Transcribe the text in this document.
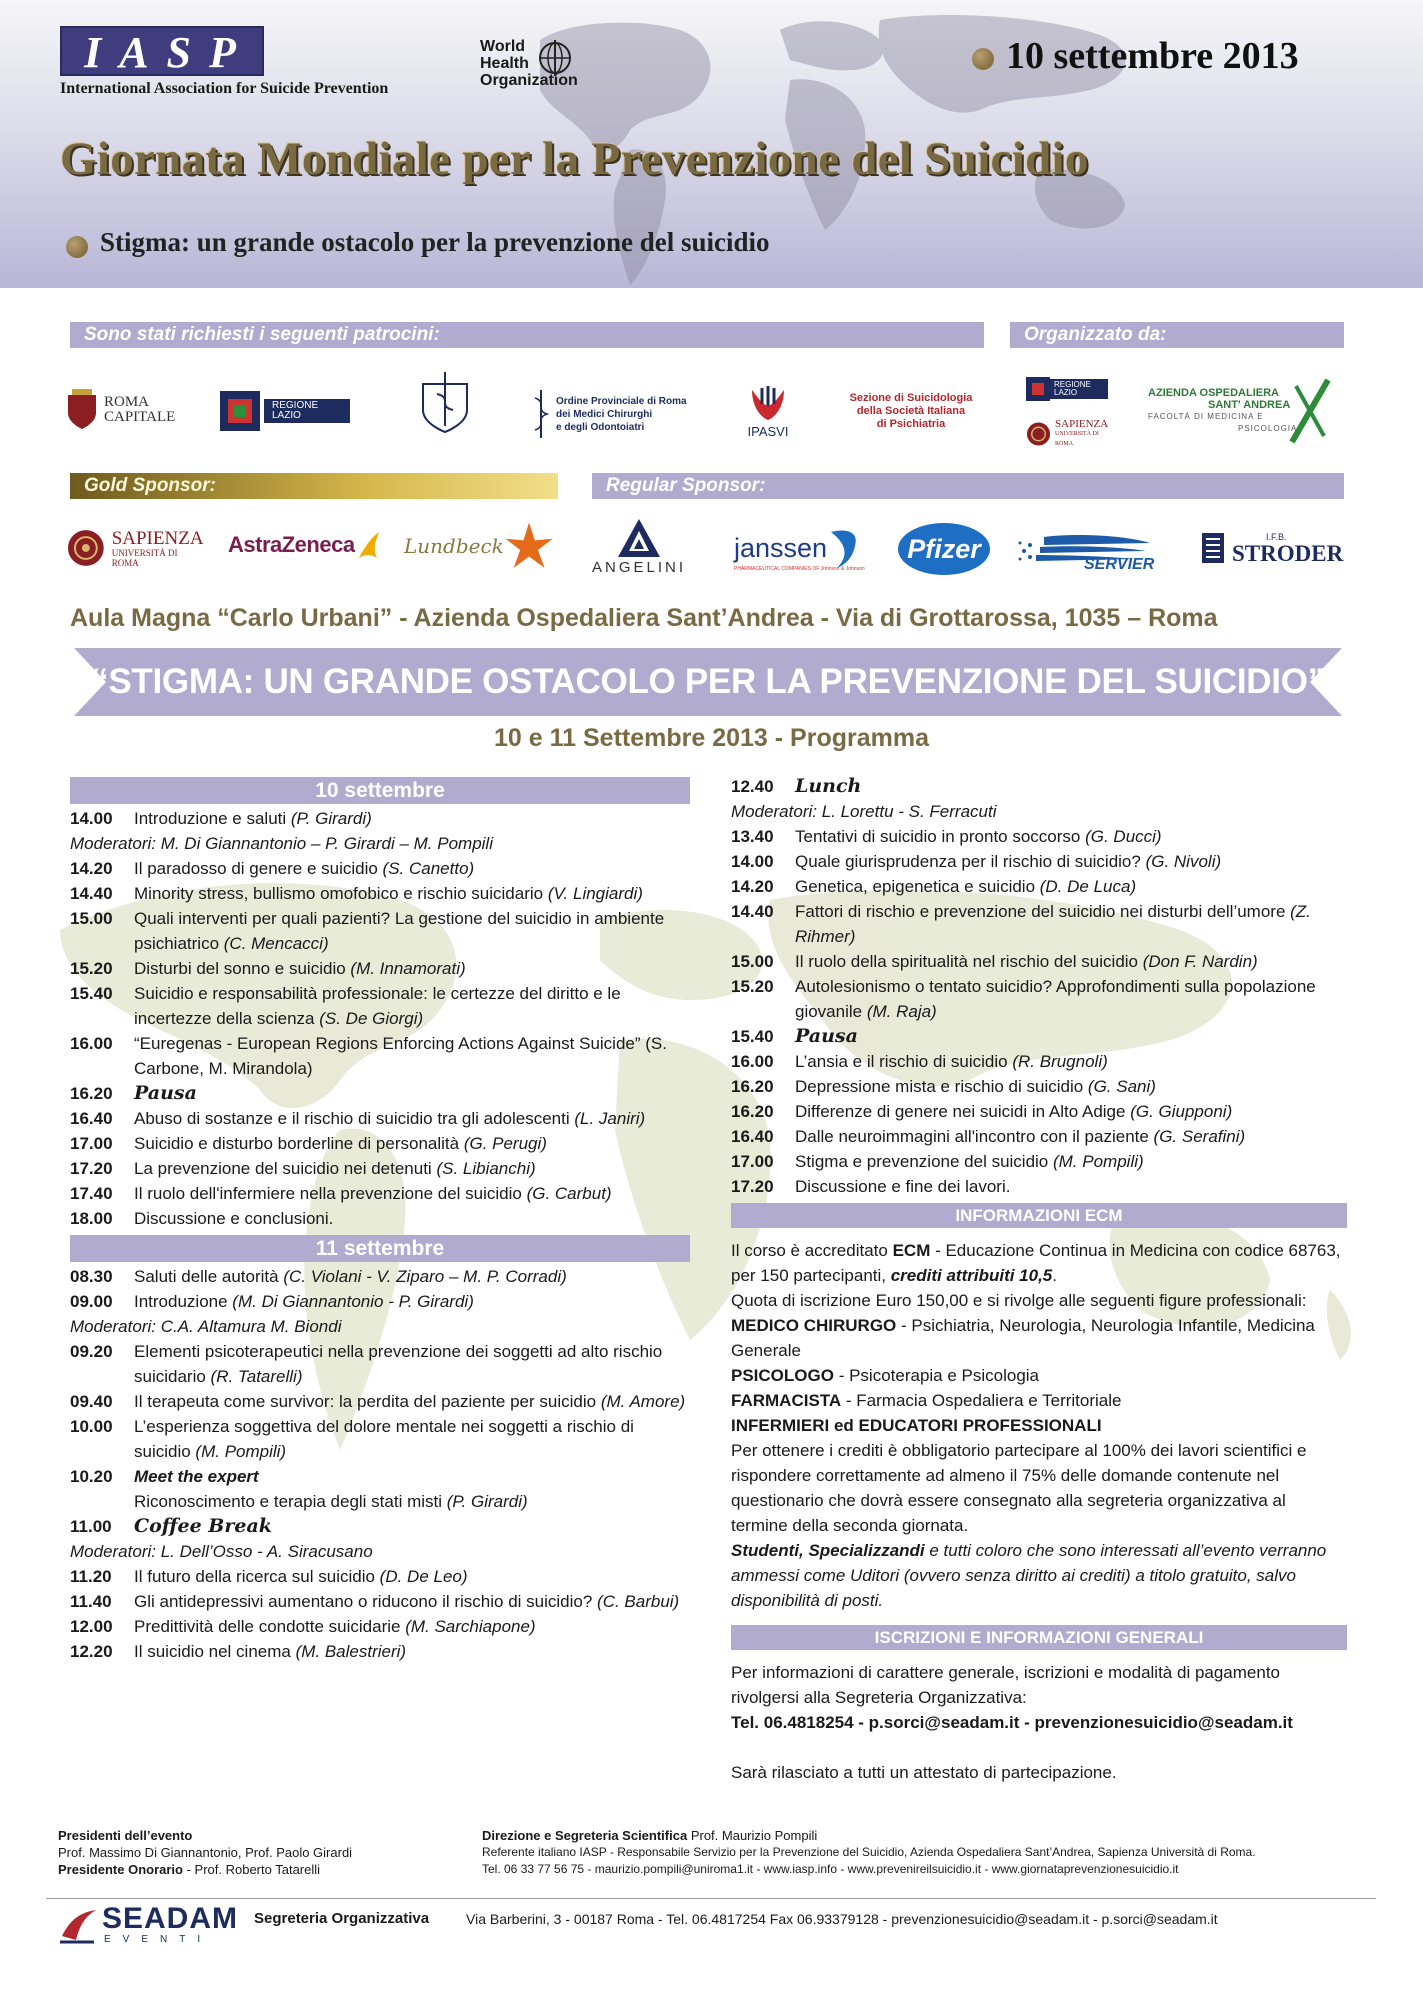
IASP
International Association for Suicide Prevention
World
Health
Organization
10 settembre 2013
Giornata Mondiale per la Prevenzione del Suicidio
Stigma: un grande ostacolo per la prevenzione del suicidio
Sono stati richiesti i seguenti patrocini:	Organizzato da:
ROMA
CAPITALE
REGIONE
LAZIO
Ordine Provinciale di Roma
dei Medici Chirurghi
e degli Odontoiatri	IPASVI
Sezione di Suicidologia
della Società Italiana
di Psichiatria
REGIONE
LAZIO
SAPIENZA
UNIVERSITÀ DI ROMA
AZIENDA OSPEDALIERA
SANT' ANDREA
FACOLTÀ DI MEDICINA E
PSICOLOGIA
Gold Sponsor:	Regular Sponsor:
SAPIENZA
UNIVERSITÀ DI ROMA
AstraZeneca Lundbeck
ANGELINI
janssen
PHARMACEUTICAL COMPANIES OF Johnson & Johnson
Pfizer
SERVIER
I.F.B.
STRODER
Aula Magna “Carlo Urbani” - Azienda Ospedaliera Sant’Andrea - Via di Grottarossa, 1035 – Roma
“STIGMA: UN GRANDE OSTACOLO PER LA PREVENZIONE DEL SUICIDIO”
10 e 11 Settembre 2013 - Programma
10 settembre
14.00	Introduzione e saluti (P. Girardi)
Moderatori: M. Di Giannantonio – P. Girardi – M. Pompili
14.20	Il paradosso di genere e suicidio (S. Canetto)
14.40	Minority stress, bullismo omofobico e rischio suicidario (V. Lingiardi)
15.00	Quali interventi per quali pazienti? La gestione del suicidio in ambiente psichiatrico (C. Mencacci)
15.20	Disturbi del sonno e suicidio (M. Innamorati)
15.40	Suicidio e responsabilità professionale: le certezze del diritto e le incertezze della scienza (S. De Giorgi)
16.00	“Euregenas - European Regions Enforcing Actions Against Suicide” (S. Carbone, M. Mirandola)
16.20	Pausa
16.40	Abuso di sostanze e il rischio di suicidio tra gli adolescenti (L. Janiri)
17.00	Suicidio e disturbo borderline di personalità (G. Perugi)
17.20	La prevenzione del suicidio nei detenuti (S. Libianchi)
17.40	Il ruolo dell'infermiere nella prevenzione del suicidio (G. Carbut)
18.00	Discussione e conclusioni.
11 settembre
08.30	Saluti delle autorità (C. Violani - V. Ziparo – M. P. Corradi)
09.00	Introduzione (M. Di Giannantonio - P. Girardi)
Moderatori: C.A. Altamura M. Biondi
09.20	Elementi psicoterapeutici nella prevenzione dei soggetti ad alto rischio suicidario (R. Tatarelli)
09.40	Il terapeuta come survivor: la perdita del paziente per suicidio (M. Amore)
10.00	L’esperienza soggettiva del dolore mentale nei soggetti a rischio di suicidio (M. Pompili)
10.20	Meet the expert
Riconoscimento e terapia degli stati misti (P. Girardi)
11.00	Coffee Break
Moderatori: L. Dell’Osso - A. Siracusano
11.20	Il futuro della ricerca sul suicidio (D. De Leo)
11.40	Gli antidepressivi aumentano o riducono il rischio di suicidio? (C. Barbui)
12.00	Predittività delle condotte suicidarie (M. Sarchiapone)
12.20	Il suicidio nel cinema (M. Balestrieri)
12.40	Lunch
Moderatori: L. Lorettu - S. Ferracuti
13.40	Tentativi di suicidio in pronto soccorso (G. Ducci)
14.00	Quale giurisprudenza per il rischio di suicidio? (G. Nivoli)
14.20	Genetica, epigenetica e suicidio (D. De Luca)
14.40	Fattori di rischio e prevenzione del suicidio nei disturbi dell’umore (Z. Rihmer)
15.00	Il ruolo della spiritualità nel rischio del suicidio (Don F. Nardin)
15.20	Autolesionismo o tentato suicidio? Approfondimenti sulla popolazione giovanile (M. Raja)
15.40	Pausa
16.00	L’ansia e il rischio di suicidio (R. Brugnoli)
16.20	Depressione mista e rischio di suicidio (G. Sani)
16.20	Differenze di genere nei suicidi in Alto Adige (G. Giupponi)
16.40	Dalle neuroimmagini all'incontro con il paziente (G. Serafini)
17.00	Stigma e prevenzione del suicidio (M. Pompili)
17.20	Discussione e fine dei lavori.
INFORMAZIONI ECM
Il corso è accreditato ECM - Educazione Continua in Medicina con codice 68763, per 150 partecipanti, crediti attribuiti 10,5.
Quota di iscrizione Euro 150,00 e si rivolge alle seguenti figure professionali:
MEDICO CHIRURGO - Psichiatria, Neurologia, Neurologia Infantile, Medicina Generale
PSICOLOGO - Psicoterapia e Psicologia
FARMACISTA - Farmacia Ospedaliera e Territoriale
INFERMIERI ed EDUCATORI PROFESSIONALI
Per ottenere i crediti è obbligatorio partecipare al 100% dei lavori scientifici e rispondere correttamente ad almeno il 75% delle domande contenute nel questionario che dovrà essere consegnato alla segreteria organizzativa al termine della seconda giornata.
Studenti, Specializzandi e tutti coloro che sono interessati all’evento verranno ammessi come Uditori (ovvero senza diritto ai crediti) a titolo gratuito, salvo disponibilità di posti.
ISCRIZIONI E INFORMAZIONI GENERALI
Per informazioni di carattere generale, iscrizioni e modalità di pagamento rivolgersi alla Segreteria Organizzativa:
Tel. 06.4818254 - p.sorci@seadam.it - prevenzionesuicidio@seadam.it
Sarà rilasciato a tutti un attestato di partecipazione.
Presidenti dell’evento
Prof. Massimo Di Giannantonio, Prof. Paolo Girardi
Presidente Onorario - Prof. Roberto Tatarelli
Direzione e Segreteria Scientifica Prof. Maurizio Pompili
Referente italiano IASP - Responsabile Servizio per la Prevenzione del Suicidio, Azienda Ospedaliera Sant’Andrea, Sapienza Università di Roma.
Tel. 06 33 77 56 75 - maurizio.pompili@uniroma1.it - www.iasp.info - www.prevenireilsuicidio.it - www.giornataprevenzionesuicidio.it
SEADAM
EVENTI
Segreteria Organizzativa	Via Barberini, 3 - 00187 Roma - Tel. 06.4817254 Fax 06.93379128 - prevenzionesuicidio@seadam.it - p.sorci@seadam.it
